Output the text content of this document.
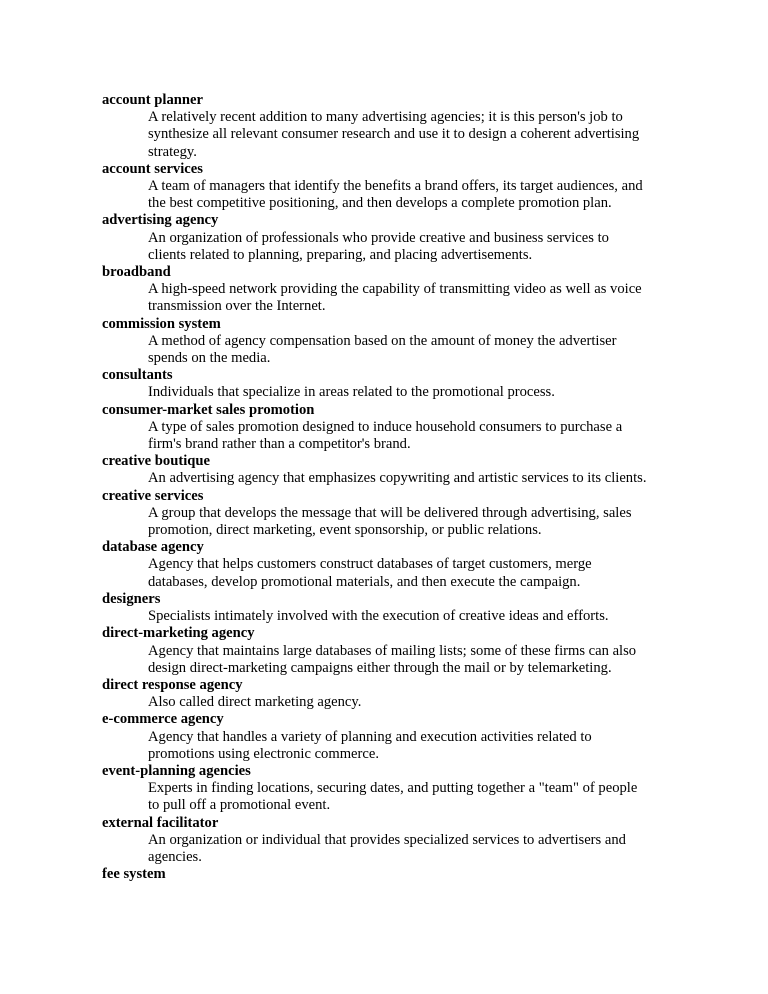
account planner
A relatively recent addition to many advertising agencies; it is this person's job to
synthesize all relevant consumer research and use it to design a coherent advertising
strategy.
account services
A team of managers that identify the benefits a brand offers, its target audiences, and
the best competitive positioning, and then develops a complete promotion plan.
advertising agency
An organization of professionals who provide creative and business services to
clients related to planning, preparing, and placing advertisements.
broadband
A high-speed network providing the capability of transmitting video as well as voice
transmission over the Internet.
commission system
A method of agency compensation based on the amount of money the advertiser
spends on the media.
consultants
Individuals that specialize in areas related to the promotional process.
consumer-market sales promotion
A type of sales promotion designed to induce household consumers to purchase a
firm's brand rather than a competitor's brand.
creative boutique
An advertising agency that emphasizes copywriting and artistic services to its clients.
creative services
A group that develops the message that will be delivered through advertising, sales
promotion, direct marketing, event sponsorship, or public relations.
database agency
Agency that helps customers construct databases of target customers, merge
databases, develop promotional materials, and then execute the campaign.
designers
Specialists intimately involved with the execution of creative ideas and efforts.
direct-marketing agency
Agency that maintains large databases of mailing lists; some of these firms can also
design direct-marketing campaigns either through the mail or by telemarketing.
direct response agency
Also called direct marketing agency.
e-commerce agency
Agency that handles a variety of planning and execution activities related to
promotions using electronic commerce.
event-planning agencies
Experts in finding locations, securing dates, and putting together a "team" of people
to pull off a promotional event.
external facilitator
An organization or individual that provides specialized services to advertisers and
agencies.
fee system
